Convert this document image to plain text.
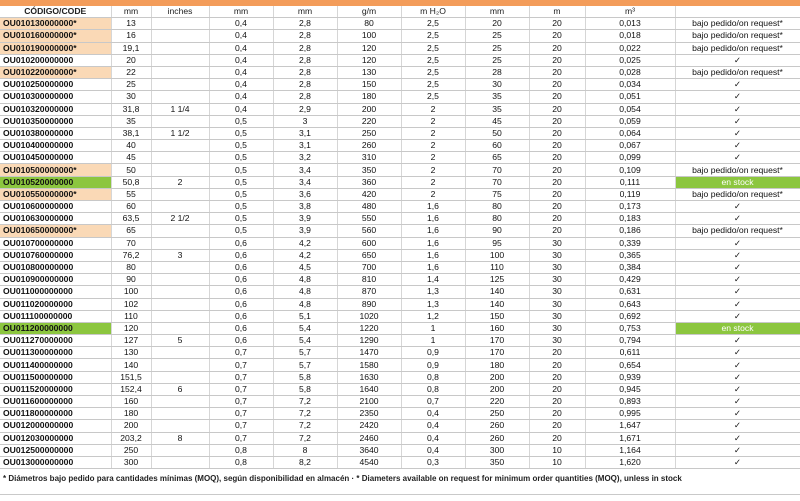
CÓDIGO/CODE	mm	inches	mm	mm	g/m	m H₂O	mm	m	m³	
OU010130000000*	13		0,4	2,8	80	2,5	20	20	0,013	bajo pedido/on request*
OU010160000000*	16		0,4	2,8	100	2,5	25	20	0,018	bajo pedido/on request*
OU010190000000*	19,1		0,4	2,8	120	2,5	25	20	0,022	bajo pedido/on request*
OU010200000000	20		0,4	2,8	120	2,5	25	20	0,025	✓
OU010220000000*	22		0,4	2,8	130	2,5	28	20	0,028	bajo pedido/on request*
OU010250000000	25		0,4	2,8	150	2,5	30	20	0,034	✓
OU010300000000	30		0,4	2,8	180	2,5	35	20	0,051	✓
OU010320000000	31,8	1 1/4	0,4	2,9	200	2	35	20	0,054	✓
OU010350000000	35		0,5	3	220	2	45	20	0,059	✓
OU010380000000	38,1	1 1/2	0,5	3,1	250	2	50	20	0,064	✓
OU010400000000	40		0,5	3,1	260	2	60	20	0,067	✓
OU010450000000	45		0,5	3,2	310	2	65	20	0,099	✓
OU010500000000*	50		0,5	3,4	350	2	70	20	0,109	bajo pedido/on request*
OU010520000000	50,8	2	0,5	3,4	360	2	70	20	0,111	en stock
OU010550000000*	55		0,5	3,6	420	2	75	20	0,119	bajo pedido/on request*
OU010600000000	60		0,5	3,8	480	1,6	80	20	0,173	✓
OU010630000000	63,5	2 1/2	0,5	3,9	550	1,6	80	20	0,183	✓
OU010650000000*	65		0,5	3,9	560	1,6	90	20	0,186	bajo pedido/on request*
OU010700000000	70		0,6	4,2	600	1,6	95	30	0,339	✓
OU010760000000	76,2	3	0,6	4,2	650	1,6	100	30	0,365	✓
OU010800000000	80		0,6	4,5	700	1,6	110	30	0,384	✓
OU010900000000	90		0,6	4,8	810	1,4	125	30	0,429	✓
OU011000000000	100		0,6	4,8	870	1,3	140	30	0,631	✓
OU011020000000	102		0,6	4,8	890	1,3	140	30	0,643	✓
OU011100000000	110		0,6	5,1	1020	1,2	150	30	0,692	✓
OU011200000000	120		0,6	5,4	1220	1	160	30	0,753	en stock
OU011270000000	127	5	0,6	5,4	1290	1	170	30	0,794	✓
OU011300000000	130		0,7	5,7	1470	0,9	170	20	0,611	✓
OU011400000000	140		0,7	5,7	1580	0,9	180	20	0,654	✓
OU011500000000	151,5		0,7	5,8	1630	0,8	200	20	0,939	✓
OU011520000000	152,4	6	0,7	5,8	1640	0,8	200	20	0,945	✓
OU011600000000	160		0,7	7,2	2100	0,7	220	20	0,893	✓
OU011800000000	180		0,7	7,2	2350	0,4	250	20	0,995	✓
OU012000000000	200		0,7	7,2	2420	0,4	260	20	1,647	✓
OU012030000000	203,2	8	0,7	7,2	2460	0,4	260	20	1,671	✓
OU012500000000	250		0,8	8	3640	0,4	300	10	1,164	✓
OU013000000000	300		0,8	8,2	4540	0,3	350	10	1,620	✓
* Diámetros bajo pedido para cantidades mínimas (MOQ), según disponibilidad en almacén · * Diameters available on request for minimum order quantities (MOQ), unless in stock
